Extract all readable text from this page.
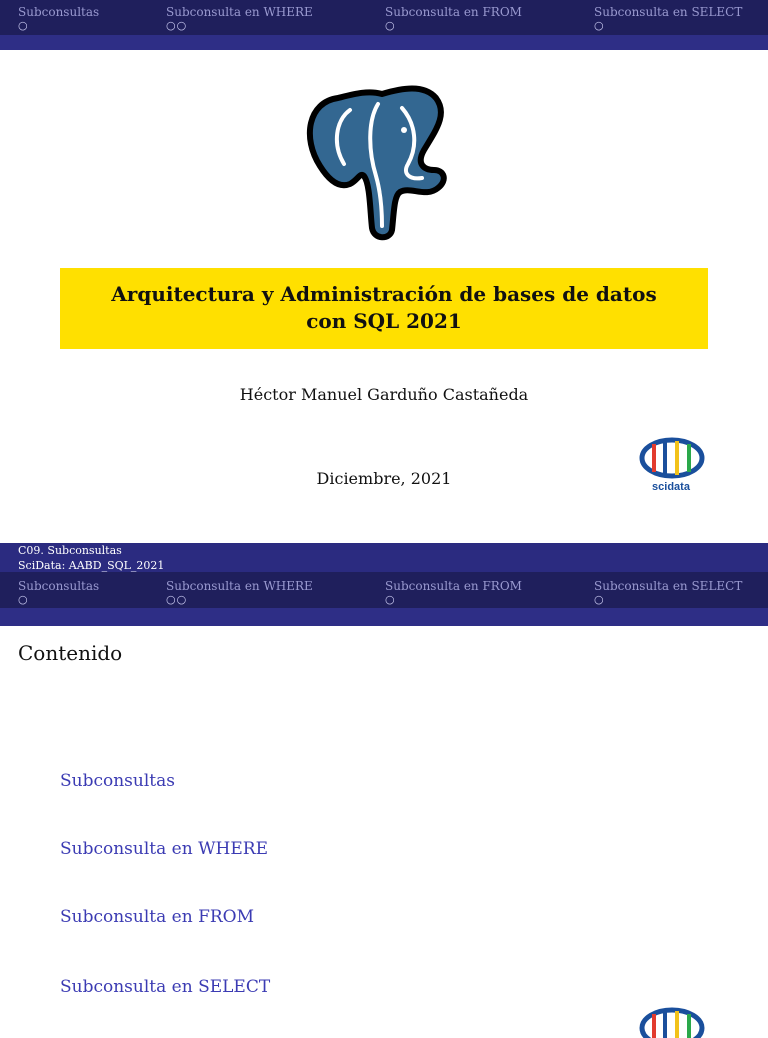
Subconsultas
○
Subconsulta en WHERE
○○
Subconsulta en FROM
○
Subconsulta en SELECT
○
Arquitectura y Administración de bases de datos
con SQL 2021
Héctor Manuel Garduño Castañeda
Diciembre, 2021	scidata
C09. Subconsultas
SciData: AABD_SQL_2021
Subconsultas
○
Subconsulta en WHERE
○○
Subconsulta en FROM
○
Subconsulta en SELECT
○
Contenido
Subconsultas
Subconsulta en WHERE
Subconsulta en FROM
Subconsulta en SELECT
